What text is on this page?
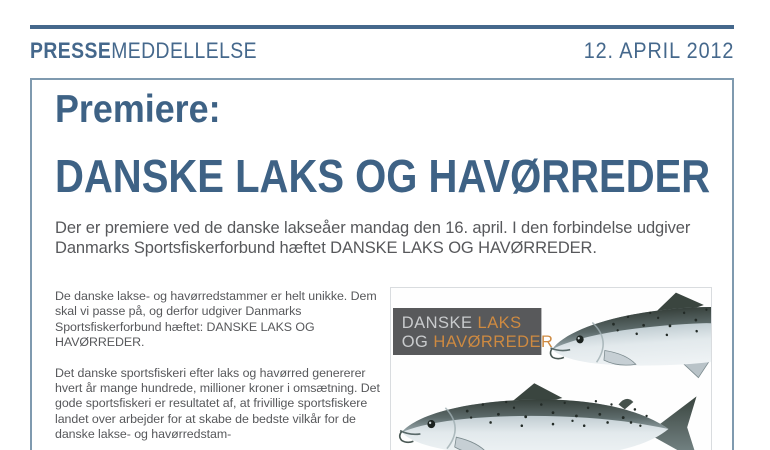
PRESSEMEDDELLELSE	12. APRIL 2012
Premiere:
DANSKE LAKS OG HAVØRREDER
Der er premiere ved de danske lakseåer mandag den 16. april. I den forbindelse udgiver Danmarks Sportsfiskerforbund hæftet DANSKE LAKS OG HAVØRREDER.

De danske lakse- og havørredstammer er helt unikke. Dem skal vi passe på, og derfor udgiver Danmarks Sportsfiskerforbund hæftet: DANSKE LAKS OG HAVØRREDER.

Det danske sportsfiskeri efter laks og havørred genererer hvert år mange hundrede, millioner kroner i omsætning. Det gode sportsfiskeri er resultatet af, at frivillige sportsfiskere landet over arbejder for at skabe de bedste vilkår for de danske lakse- og havørredstam-

DANSKE LAKS
OG HAVØRREDER
